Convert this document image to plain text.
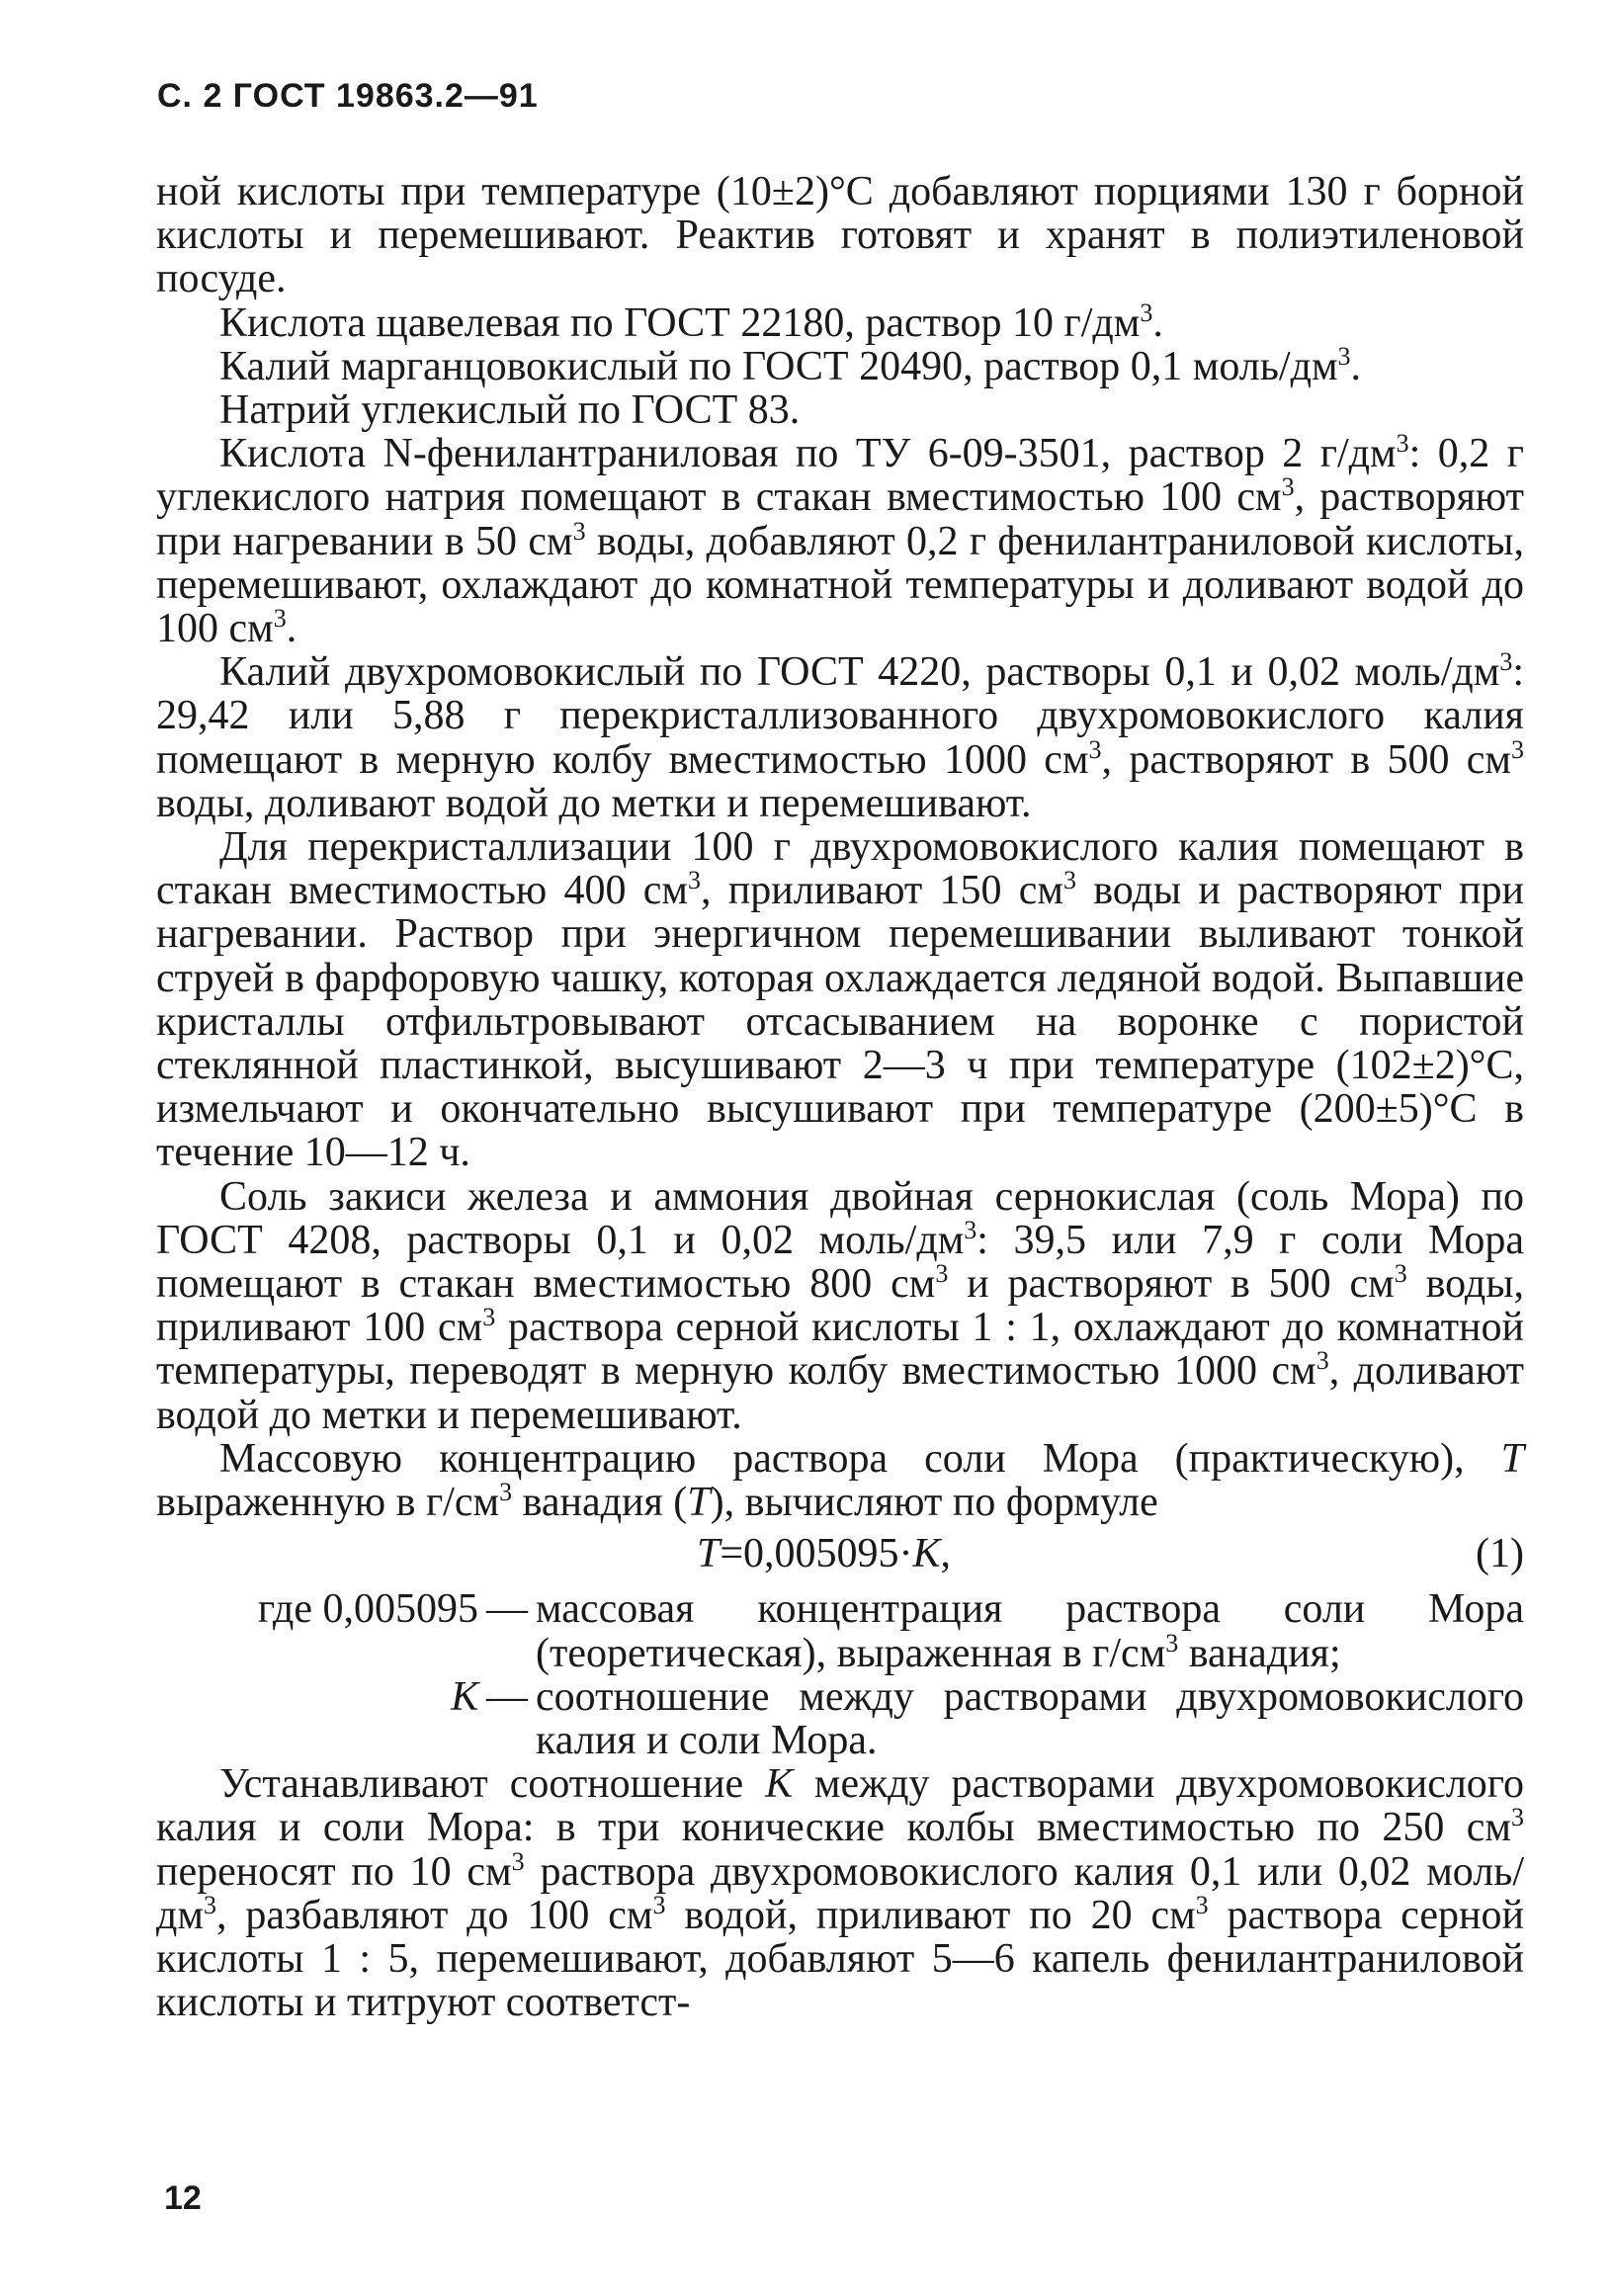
С. 2 ГОСТ 19863.2—91

ной кислоты при температуре (10±2)°С добавляют порциями 130 г борной кислоты и перемешивают. Реактив готовят и хранят в полиэтиленовой посуде.

Кислота щавелевая по ГОСТ 22180, раствор 10 $г/дм^3$.

Калий марганцовокислый по ГОСТ 20490, раствор 0,1 моль/$дм^3$.

Натрий углекислый по ГОСТ 83.

Кислота N-фенилантраниловая по ТУ 6-09-3501, раствор 2 $г/дм^3$: 0,2 г углекислого натрия помещают в стакан вместимостью 100 $см^3$, растворяют при нагревании в 50 $см^3$ воды, добавляют 0,2 г фенилантраниловой кислоты, перемешивают, охлаждают до комнатной температуры и доливают водой до 100 $см^3$.

Калий двухромовокислый по ГОСТ 4220, растворы 0,1 и 0,02 моль/$дм^3$: 29,42 или 5,88 г перекристаллизованного двухромовокислого калия помещают в мерную колбу вместимостью 1000 $см^3$, растворяют в 500 $см^3$ воды, доливают водой до метки и перемешивают.

Для перекристаллизации 100 г двухромовокислого калия помещают в стакан вместимостью 400 $см^3$, приливают 150 $см^3$ воды и растворяют при нагревании. Раствор при энергичном перемешивании выливают тонкой струей в фарфоровую чашку, которая охлаждается ледяной водой. Выпавшие кристаллы отфильтровывают отсасыванием на воронке с пористой стеклянной пластинкой, высушивают 2—3 ч при температуре (102±2)°С, измельчают и окончательно высушивают при температуре (200±5)°С в течение 10—12 ч.

Соль закиси железа и аммония двойная сернокислая (соль Мора) по ГОСТ 4208, растворы 0,1 и 0,02 моль/$дм^3$: 39,5 или 7,9 г соли Мора помещают в стакан вместимостью 800 $см^3$ и растворяют в 500 $см^3$ воды, приливают 100 $см^3$ раствора серной кислоты 1 : 1, охлаждают до комнатной температуры, переводят в мерную колбу вместимостью 1000 $см^3$, доливают водой до метки и перемешивают.

Массовую концентрацию раствора соли Мора (практическую), Т выраженную в $г/см^3$ ванадия (Т), вычисляют по формуле

Т=0,005095·К,	(1)
где 0,005095 — массовая концентрация раствора соли Мора (теоретическая), выраженная в $г/см^3$ ванадия;
К — соотношение между растворами двухромовокислого калия и соли Мора.

Устанавливают соотношение К между растворами двухромовокислого калия и соли Мора: в три конические колбы вместимостью по 250 $см^3$ переносят по 10 $см^3$ раствора двухромовокислого калия 0,1 или 0,02 моль/$дм^3$, разбавляют до 100 $см^3$ водой, приливают по 20 $см^3$ раствора серной кислоты 1 : 5, перемешивают, добавляют 5—6 капель фенилантраниловой кислоты и титруют соответст-

12
